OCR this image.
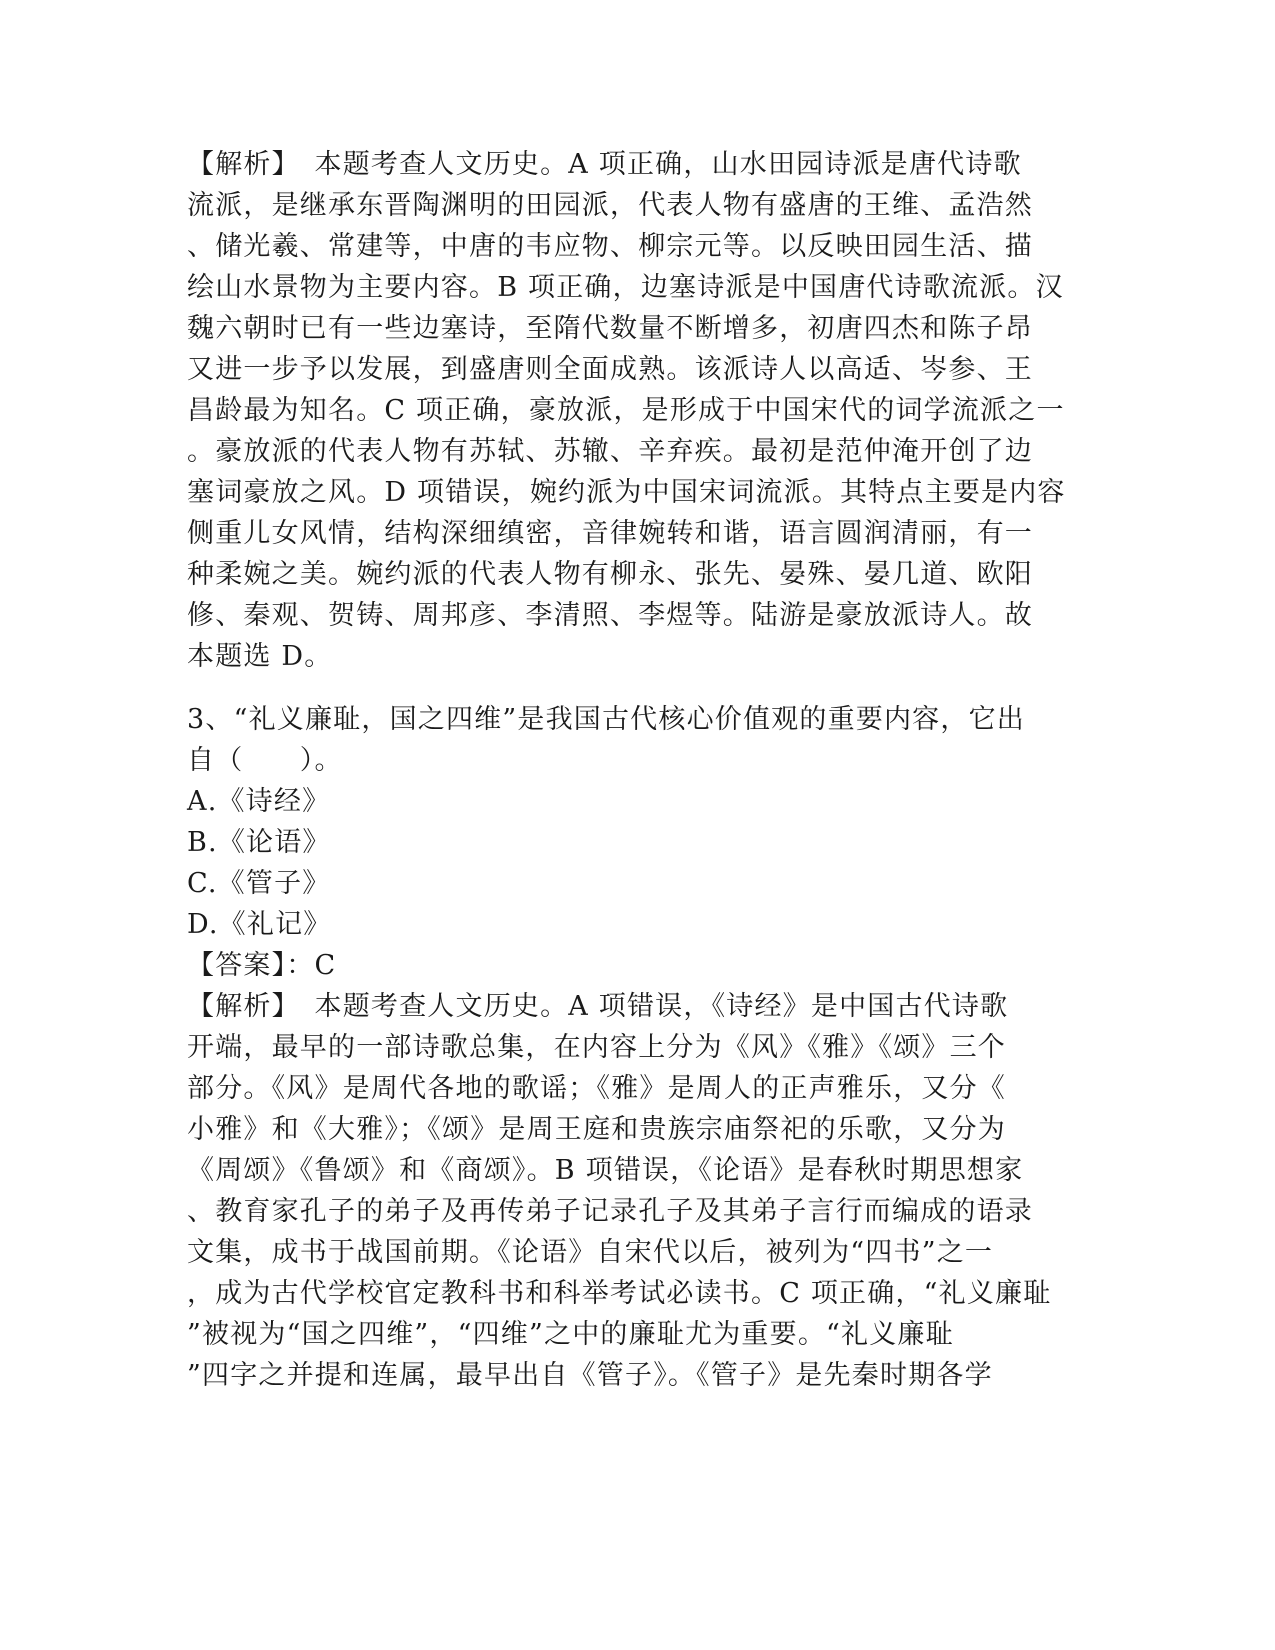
【解析】　本题考查人文历史。A 项正确，山水田园诗派是唐代诗歌
流派，是继承东晋陶渊明的田园派，代表人物有盛唐的王维、孟浩然
、储光羲、常建等，中唐的韦应物、柳宗元等。以反映田园生活、描
绘山水景物为主要内容。B 项正确，边塞诗派是中国唐代诗歌流派。汉
魏六朝时已有一些边塞诗，至隋代数量不断增多，初唐四杰和陈子昂
又进一步予以发展，到盛唐则全面成熟。该派诗人以高适、岑参、王
昌龄最为知名。C 项正确，豪放派，是形成于中国宋代的词学流派之一
。豪放派的代表人物有苏轼、苏辙、辛弃疾。最初是范仲淹开创了边
塞词豪放之风。D 项错误，婉约派为中国宋词流派。其特点主要是内容
侧重儿女风情，结构深细缜密，音律婉转和谐，语言圆润清丽，有一
种柔婉之美。婉约派的代表人物有柳永、张先、晏殊、晏几道、欧阳
修、秦观、贺铸、周邦彦、李清照、李煜等。陆游是豪放派诗人。故
本题选 D。
3、“礼义廉耻，国之四维”是我国古代核心价值观的重要内容，它出
自（　　）。
A.《诗经》
B.《论语》
C.《管子》
D.《礼记》
【答案】：C
【解析】　本题考查人文历史。A 项错误，《诗经》是中国古代诗歌
开端，最早的一部诗歌总集，在内容上分为《风》《雅》《颂》三个
部分。《风》是周代各地的歌谣；《雅》是周人的正声雅乐，又分《
小雅》和《大雅》；《颂》是周王庭和贵族宗庙祭祀的乐歌，又分为
《周颂》《鲁颂》和《商颂》。B 项错误，《论语》是春秋时期思想家
、教育家孔子的弟子及再传弟子记录孔子及其弟子言行而编成的语录
文集，成书于战国前期。《论语》自宋代以后，被列为“四书”之一
，成为古代学校官定教科书和科举考试必读书。C 项正确，“礼义廉耻
”被视为“国之四维”，“四维”之中的廉耻尤为重要。“礼义廉耻
”四字之并提和连属，最早出自《管子》。《管子》是先秦时期各学
